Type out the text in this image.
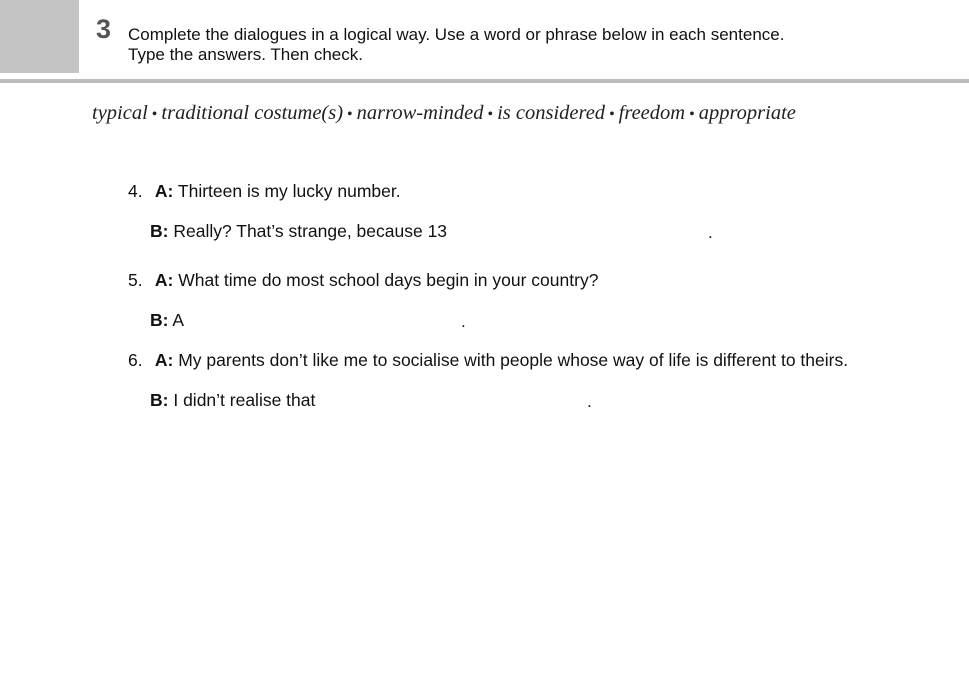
3 Complete the dialogues in a logical way. Use a word or phrase below in each sentence.
Type the answers. Then check.
typical • traditional costume(s) • narrow-minded • is considered • freedom • appropriate
4. A: Thirteen is my lucky number.
B: Really? That’s strange, because 13	.
5. A: What time do most school days begin in your country?
B: A	.
6. A: My parents don’t like me to socialise with people whose way of life is different to theirs.
B: I didn’t realise that	.
